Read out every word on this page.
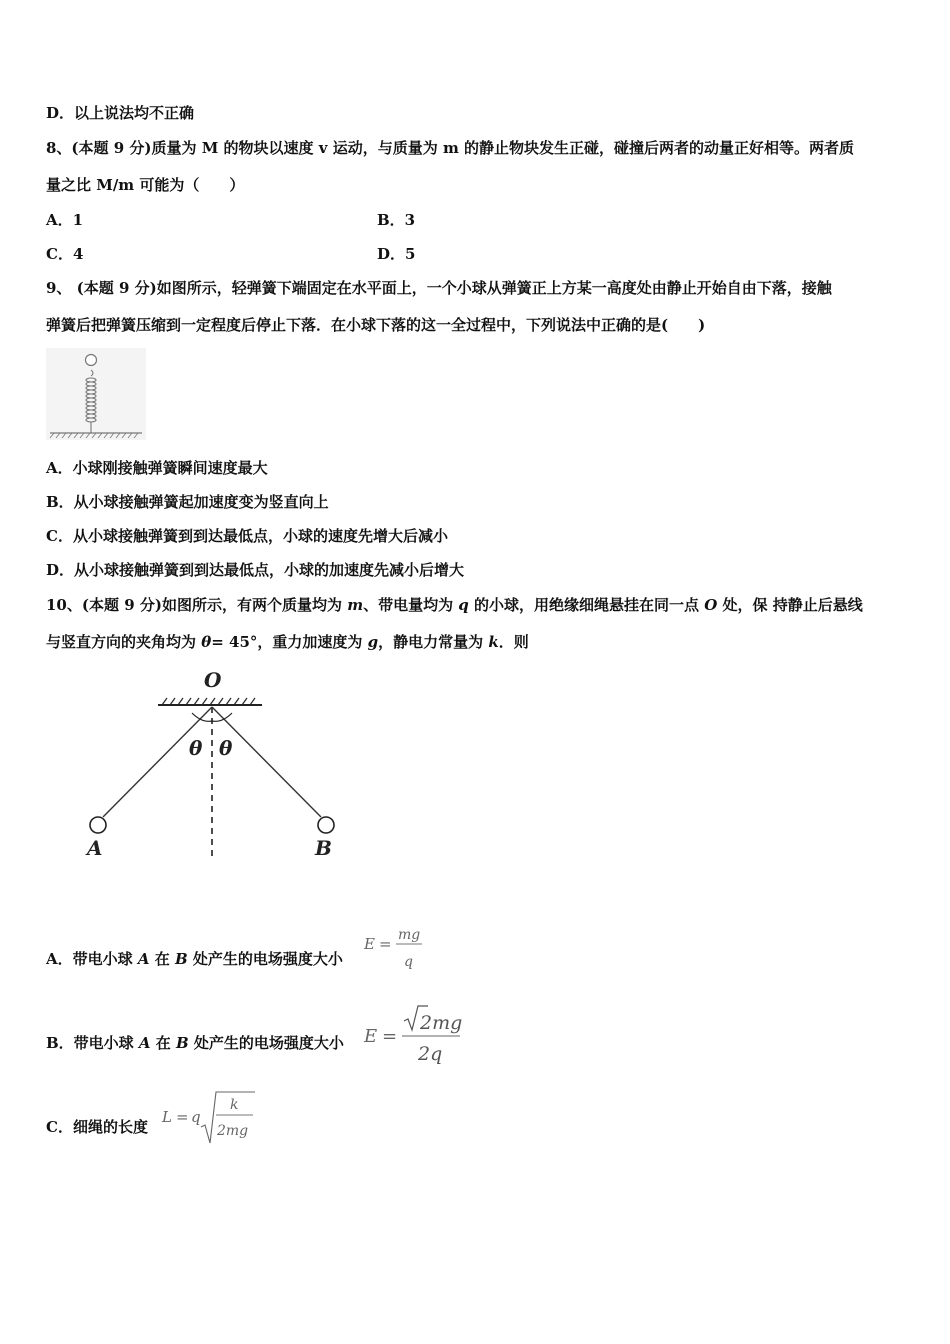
D．以上说法均不正确
8、(本题 9 分)质量为 M 的物块以速度 v 运动，与质量为 m 的静止物块发生正碰，碰撞后两者的动量正好相等。两者质
量之比 M/m 可能为（　　）
A．1	B．3
C．4	D．5
9、 (本题 9 分)如图所示，轻弹簧下端固定在水平面上，一个小球从弹簧正上方某一高度处由静止开始自由下落，接触
弹簧后把弹簧压缩到一定程度后停止下落．在小球下落的这一全过程中，下列说法中正确的是(　　)
A．小球刚接触弹簧瞬间速度最大
B．从小球接触弹簧起加速度变为竖直向上
C．从小球接触弹簧到到达最低点，小球的速度先增大后减小
D．从小球接触弹簧到到达最低点，小球的加速度先减小后增大
10、(本题 9 分)如图所示，有两个质量均为 m、带电量均为 q 的小球，用绝缘细绳悬挂在同一点 O 处，保 持静止后悬线
与竖直方向的夹角均为 θ= 45°，重力加速度为 g，静电力常量为 k．则
O
θ θ
A	B
A．带电小球 A 在 B 处产生的电场强度大小
E = mg
q
B．带电小球 A 在 B 处产生的电场强度大小 E =
2mg
2q
C．细绳的长度
L = q
k
2mg
